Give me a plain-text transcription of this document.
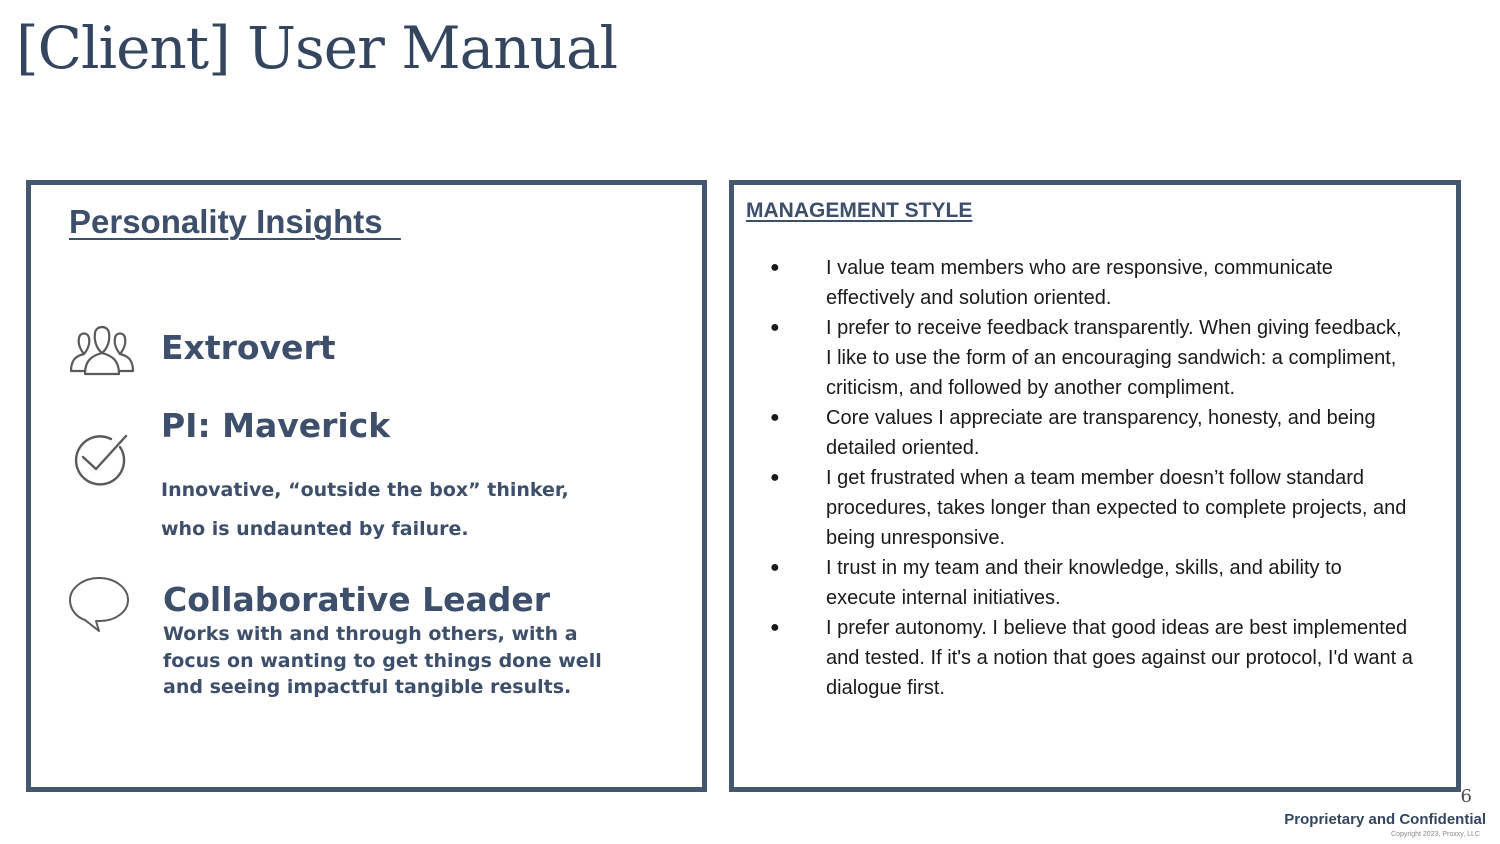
[Client] User Manual
Personality Insights

Extrovert

PI: Maverick

Innovative, “outside the box” thinker,
who is undaunted by failure.

Collaborative Leader

Works with and through others, with a
focus on wanting to get things done well
and seeing impactful tangible results.

MANAGEMENT STYLE
● I value team members who are responsive, communicate
effectively and solution oriented.
● I prefer to receive feedback transparently. When giving feedback,
I like to use the form of an encouraging sandwich: a compliment,
criticism, and followed by another compliment.
● Core values I appreciate are transparency, honesty, and being
detailed oriented.
● I get frustrated when a team member doesn’t follow standard
procedures, takes longer than expected to complete projects, and
being unresponsive.
● I trust in my team and their knowledge, skills, and ability to
execute internal initiatives.
● I prefer autonomy. I believe that good ideas are best implemented
and tested. If it's a notion that goes against our protocol, I'd want a
dialogue first.
6
Proprietary and Confidential
Copyright 2023, Proxxy, LLC
